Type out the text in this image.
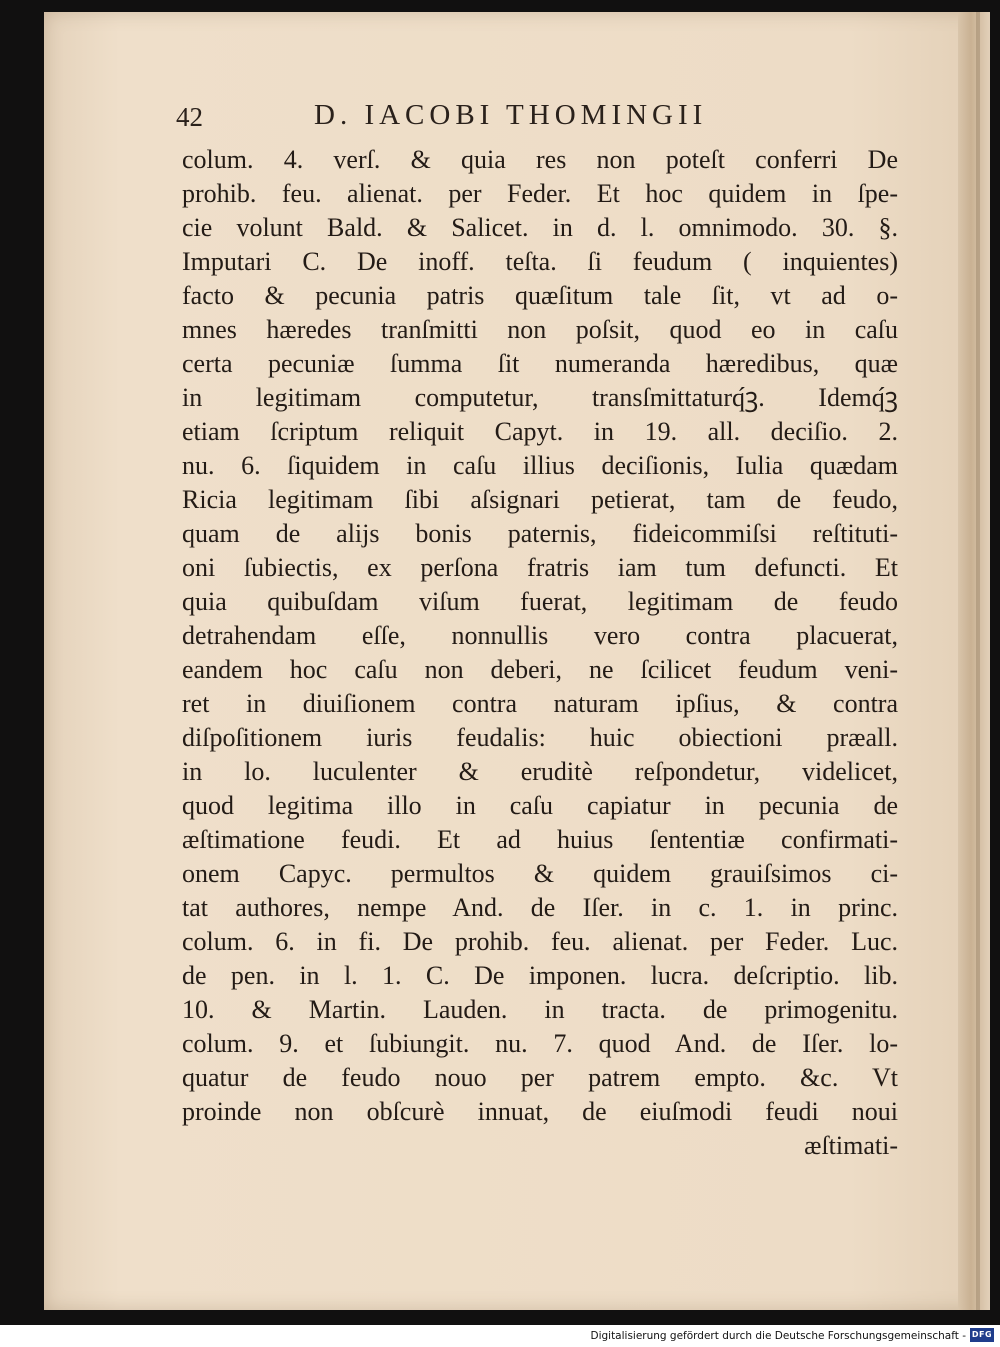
42	D. IACOBI THOMINGII
colum. 4. verſ. & quia res non poteſt conferri De
prohib. feu. alienat. per Feder. Et hoc quidem in ſpe-
cie volunt Bald. & Salicet. in d. l. omnimodo. 30. §.
Imputari C. De inoff. teſta. ſi feudum ( inquientes)
facto & pecunia patris quæſitum tale ſit, vt ad o-
mnes hæredes tranſmitti non poſsit, quod eo in caſu
certa pecuniæ ſumma ſit numeranda hæredibus, quæ
in legitimam computetur, transſmittaturq́ꝫ. Idemq́ꝫ
etiam ſcriptum reliquit Capyt. in 19. all. deciſio. 2.
nu. 6. ſiquidem in caſu illius deciſionis, Iulia quædam
Ricia legitimam ſibi aſsignari petierat, tam de feudo,
quam de alijs bonis paternis, fideicommiſsi reſtituti-
oni ſubiectis, ex perſona fratris iam tum defuncti. Et
quia quibuſdam viſum fuerat, legitimam de feudo
detrahendam eſſe, nonnullis vero contra placuerat,
eandem hoc caſu non deberi, ne ſcilicet feudum veni-
ret in diuiſionem contra naturam ipſius, & contra
diſpoſitionem iuris feudalis: huic obiectioni præall.
in lo. luculenter & eruditè reſpondetur, videlicet,
quod legitima illo in caſu capiatur in pecunia de
æſtimatione feudi. Et ad huius ſententiæ confirmati-
onem Capyc. permultos & quidem grauiſsimos ci-
tat authores, nempe And. de Iſer. in c. 1. in princ.
colum. 6. in fi. De prohib. feu. alienat. per Feder. Luc.
de pen. in l. 1. C. De imponen. lucra. deſcriptio. lib.
10. & Martin. Lauden. in tracta. de primogenitu.
colum. 9. et ſubiungit. nu. 7. quod And. de Iſer. lo-
quatur de feudo nouo per patrem empto. &c. Vt
proinde non obſcurè innuat, de eiuſmodi feudi noui
æſtimati-
Digitalisierung gefördert durch die Deutsche Forschungsgemeinschaft - DFG
